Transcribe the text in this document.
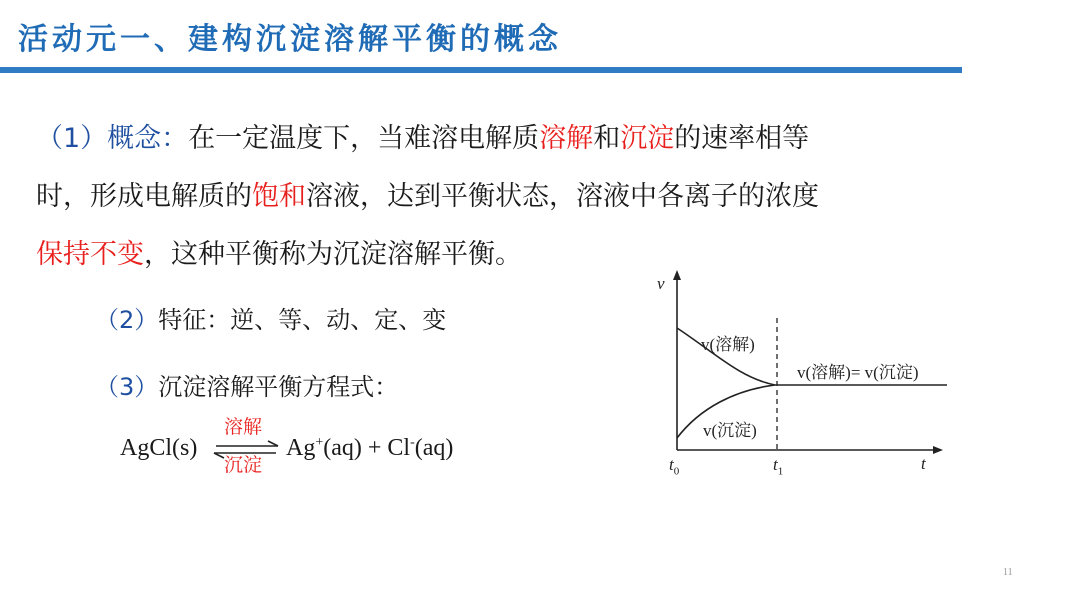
活动元一、建构沉淀溶解平衡的概念
（1）概念：在一定温度下，当难溶电解质溶解和沉淀的速率相等
时，形成电解质的饱和溶液，达到平衡状态，溶液中各离子的浓度
保持不变，这种平衡称为沉淀溶解平衡。
（2）特征：逆、等、动、定、变
（3）沉淀溶解平衡方程式：
AgCl(s)
溶解
沉淀
Ag+(aq) + Cl-(aq)
v
t
$t_0$	$t_1$
v(溶解)
v(沉淀)
v(溶解)= v(沉淀)
11
